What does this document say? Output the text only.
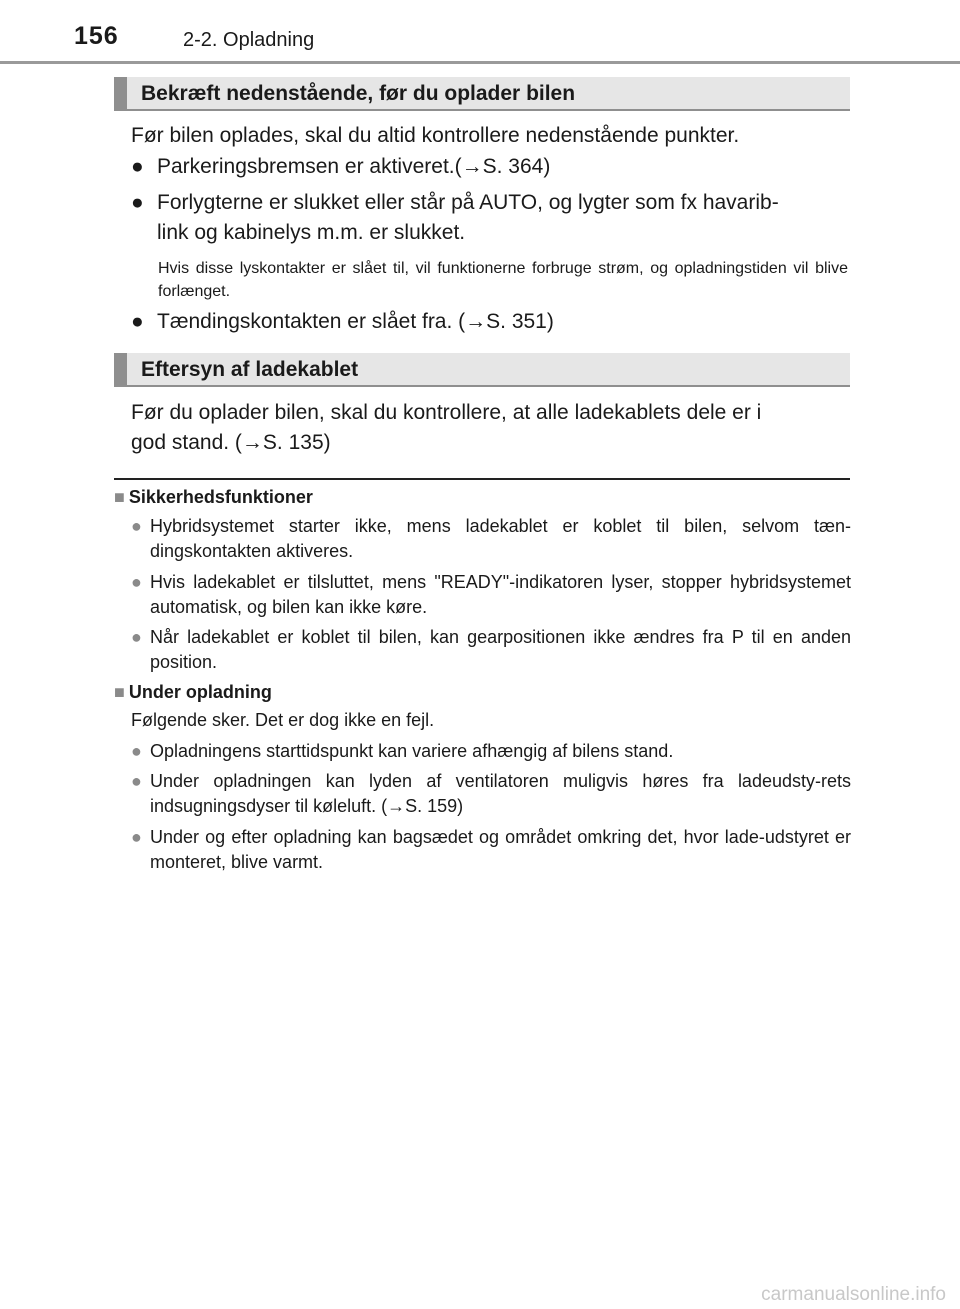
156	2-2. Opladning
Bekræft nedenstående, før du oplader bilen
Før bilen oplades, skal du altid kontrollere nedenstående punkter.
● Parkeringsbremsen er aktiveret.(→S. 364)
● Forlygterne er slukket eller står på AUTO, og lygter som fx havarib-
link og kabinelys m.m. er slukket.
Hvis disse lyskontakter er slået til, vil funktionerne forbruge strøm, og opladningstiden vil blive forlænget.
● Tændingskontakten er slået fra. (→S. 351)
Eftersyn af ladekablet
Før du oplader bilen, skal du kontrollere, at alle ladekablets dele er i
god stand. (→S. 135)
■ Sikkerhedsfunktioner
● Hybridsystemet starter ikke, mens ladekablet er koblet til bilen, selvom tæn-dingskontakten aktiveres.
● Hvis ladekablet er tilsluttet, mens "READY"-indikatoren lyser, stopper hybridsystemet automatisk, og bilen kan ikke køre.
● Når ladekablet er koblet til bilen, kan gearpositionen ikke ændres fra P til en anden position.
■ Under opladning
Følgende sker. Det er dog ikke en fejl.
● Opladningens starttidspunkt kan variere afhængig af bilens stand.
● Under opladningen kan lyden af ventilatoren muligvis høres fra ladeudsty-rets indsugningsdyser til køleluft. (→S. 159)
● Under og efter opladning kan bagsædet og området omkring det, hvor lade-udstyret er monteret, blive varmt.
carmanualsonline.info
